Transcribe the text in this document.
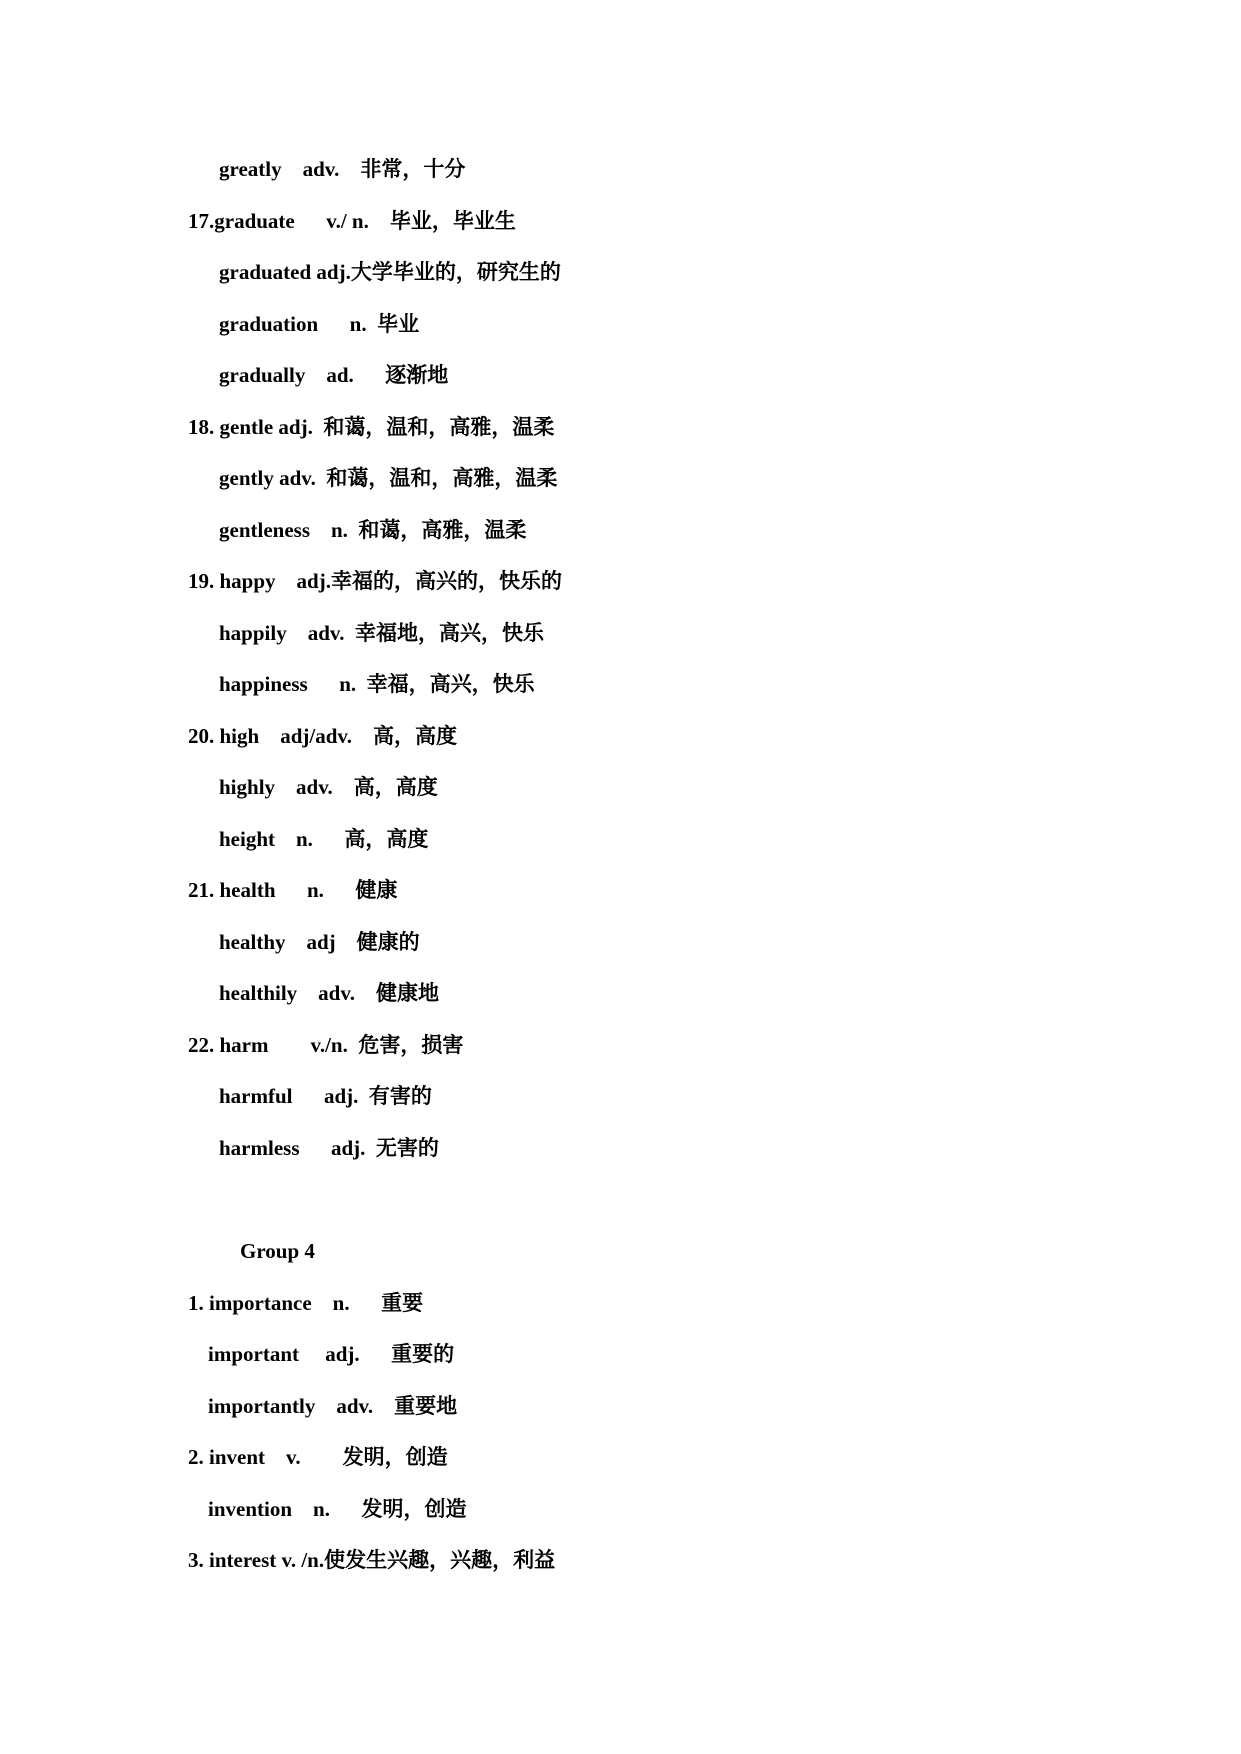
greatly    adv.    非常，十分
17.graduate      v./ n.    毕业，毕业生
graduated adj.大学毕业的，研究生的
graduation      n.  毕业
gradually    ad.      逐渐地
18. gentle adj.  和蔼，温和，高雅，温柔
gently adv.  和蔼，温和，高雅，温柔
gentleness    n.  和蔼，高雅，温柔
19. happy    adj.幸福的，高兴的，快乐的
happily    adv.  幸福地，高兴，快乐
happiness      n.  幸福，高兴，快乐
20. high    adj/adv.    高，高度
highly    adv.    高，高度
height    n.      高，高度
21. health      n.      健康
healthy    adj    健康的
healthily    adv.    健康地
22. harm        v./n.  危害，损害
harmful      adj.  有害的
harmless      adj.  无害的
Group 4
1. importance    n.      重要
important     adj.      重要的
importantly    adv.    重要地
2. invent    v.        发明，创造
invention    n.      发明，创造
3. interest v. /n.使发生兴趣，兴趣，利益
